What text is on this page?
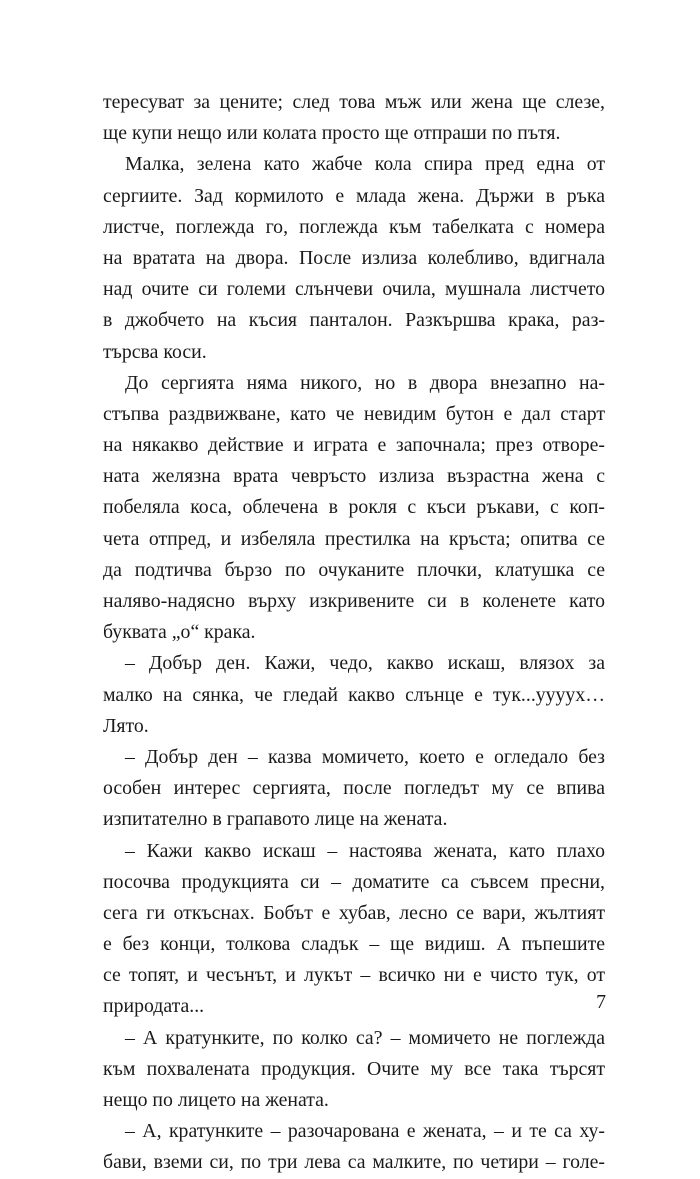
тересуват за цените; след това мъж или жена ще слезе,
ще купи нещо или колата просто ще отпраши по пътя.
Малка, зелена като жабче кола спира пред една от
сергиите. Зад кормилото е млада жена. Държи в ръка
листче, поглежда го, поглежда към табелката с номера
на вратата на двора. После излиза колебливо, вдигнала
над очите си големи слънчеви очила, мушнала листчето
в джобчето на късия панталон. Разкършва крака, раз-
търсва коси.
До сергията няма никого, но в двора внезапно на-
стъпва раздвижване, като че невидим бутон е дал старт
на някакво действие и играта е започнала; през отворе-
ната желязна врата чевръсто излиза възрастна жена с
побеляла коса, облечена в рокля с къси ръкави, с коп-
чета отпред, и избеляла престилка на кръста; опитва се
да подтичва бързо по очуканите плочки, клатушка се
наляво-надясно върху изкривените си в коленете като
буквата „о“ крака.
– Добър ден. Кажи, чедо, какво искаш, влязох за
малко на сянка, че гледай какво слънце е тук...уууух…
Лято.
– Добър ден – казва момичето, което е огледало без
особен интерес сергията, после погледът му се впива
изпитателно в грапавото лице на жената.
– Кажи какво искаш – настоява жената, като плахо
посочва продукцията си – доматите са съвсем пресни,
сега ги откъснах. Бобът е хубав, лесно се вари, жълтият
е без конци, толкова сладък – ще видиш. А пъпешите
се топят, и чесънът, и лукът – всичко ни е чисто тук, от
природата...
– А кратунките, по колко са? – момичето не поглежда
към похвалената продукция. Очите му все така търсят
нещо по лицето на жената.
– А, кратунките – разочарована е жената, – и те са ху-
бави, вземи си, по три лева са малките, по четири – голе-
7
